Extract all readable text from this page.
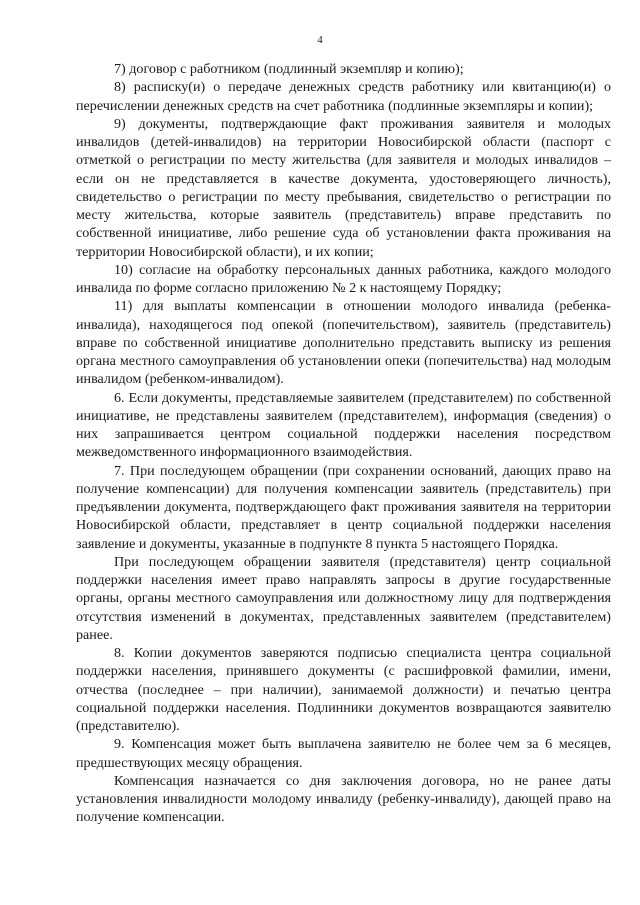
4

7) договор с работником (подлинный экземпляр и копию);

8) расписку(и) о передаче денежных средств работнику или квитанцию(и) о перечислении денежных средств на счет работника (подлинные экземпляры и копии);

9) документы, подтверждающие факт проживания заявителя и молодых инвалидов (детей-инвалидов) на территории Новосибирской области (паспорт с отметкой о регистрации по месту жительства (для заявителя и молодых инвалидов – если он не представляется в качестве документа, удостоверяющего личность), свидетельство о регистрации по месту пребывания, свидетельство о регистрации по месту жительства, которые заявитель (представитель) вправе представить по собственной инициативе, либо решение суда об установлении факта проживания на территории Новосибирской области), и их копии;

10) согласие на обработку персональных данных работника, каждого молодого инвалида по форме согласно приложению № 2 к настоящему Порядку;

11) для выплаты компенсации в отношении молодого инвалида (ребенка-инвалида), находящегося под опекой (попечительством), заявитель (представитель) вправе по собственной инициативе дополнительно представить выписку из решения органа местного самоуправления об установлении опеки (попечительства) над молодым инвалидом (ребенком-инвалидом).

6. Если документы, представляемые заявителем (представителем) по собственной инициативе, не представлены заявителем (представителем), информация (сведения) о них запрашивается центром социальной поддержки населения посредством межведомственного информационного взаимодействия.

7. При последующем обращении (при сохранении оснований, дающих право на получение компенсации) для получения компенсации заявитель (представитель) при предъявлении документа, подтверждающего факт проживания заявителя на территории Новосибирской области, представляет в центр социальной поддержки населения заявление и документы, указанные в подпункте 8 пункта 5 настоящего Порядка.

При последующем обращении заявителя (представителя) центр социальной поддержки населения имеет право направлять запросы в другие государственные органы, органы местного самоуправления или должностному лицу для подтверждения отсутствия изменений в документах, представленных заявителем (представителем) ранее.

8. Копии документов заверяются подписью специалиста центра социальной поддержки населения, принявшего документы (с расшифровкой фамилии, имени, отчества (последнее – при наличии), занимаемой должности) и печатью центра социальной поддержки населения. Подлинники документов возвращаются заявителю (представителю).

9. Компенсация может быть выплачена заявителю не более чем за 6 месяцев, предшествующих месяцу обращения.

Компенсация назначается со дня заключения договора, но не ранее даты установления инвалидности молодому инвалиду (ребенку-инвалиду), дающей право на получение компенсации.
